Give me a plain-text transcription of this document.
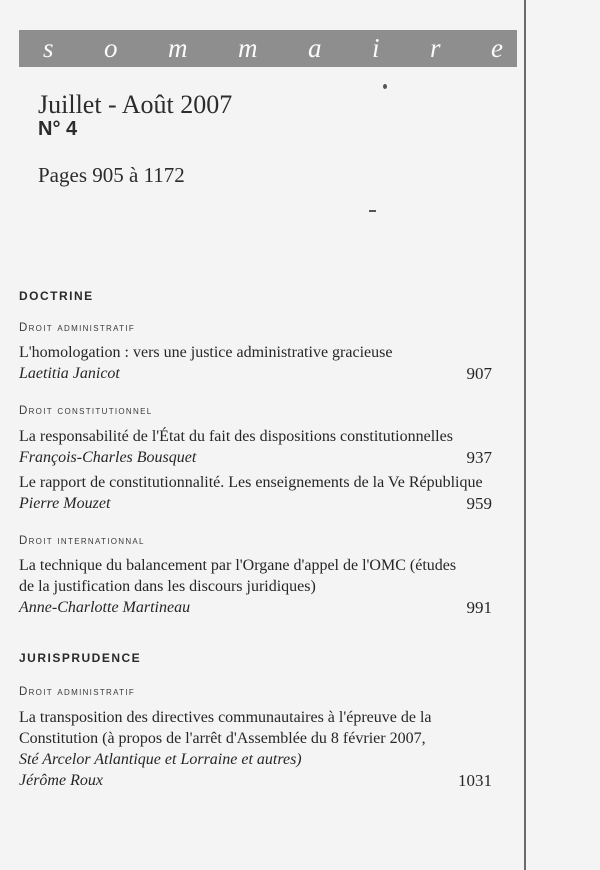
s o m m a i r e
Juillet - Août 2007
N° 4
Pages 905 à 1172
DOCTRINE
Droit administratif
L'homologation : vers une justice administrative gracieuse
Laetitia Janicot	907
Droit constitutionnel
La responsabilité de l'État du fait des dispositions constitutionnelles
François-Charles Bousquet	937
Le rapport de constitutionnalité. Les enseignements de la Ve République
Pierre Mouzet	959
Droit internationnal
La technique du balancement par l'Organe d'appel de l'OMC (études
de la justification dans les discours juridiques)
Anne-Charlotte Martineau	991
JURISPRUDENCE
Droit administratif
La transposition des directives communautaires à l'épreuve de la
Constitution (à propos de l'arrêt d'Assemblée du 8 février 2007,
Sté Arcelor Atlantique et Lorraine et autres)
Jérôme Roux	1031
